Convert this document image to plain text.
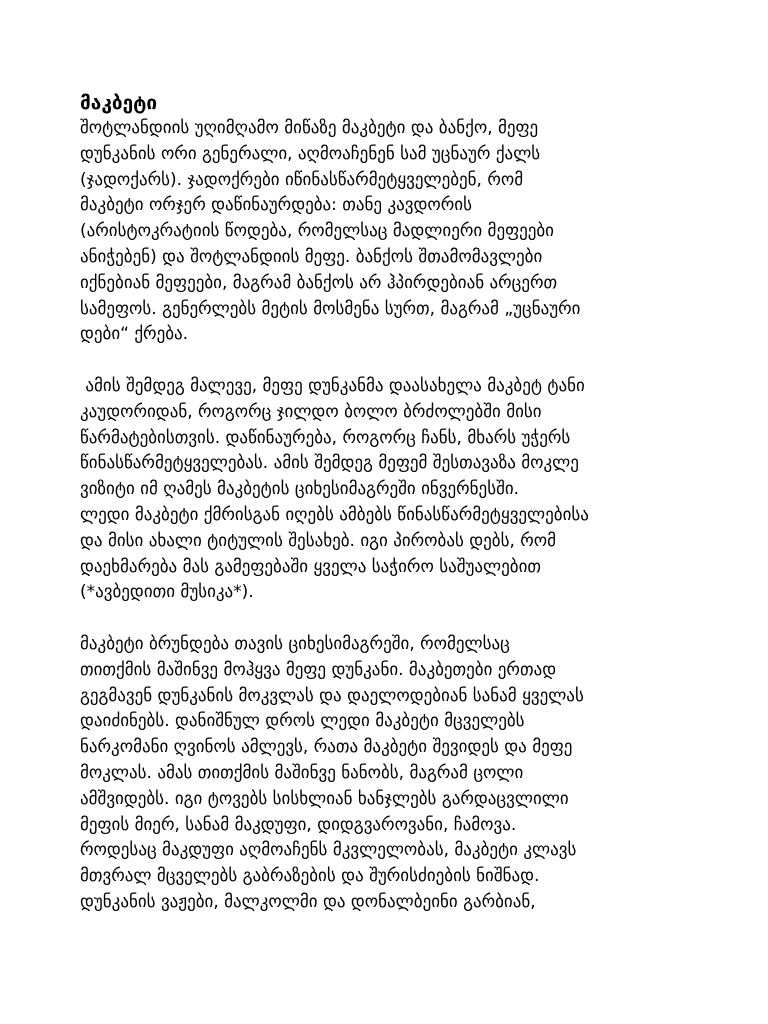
მაკბეტი
შოტლანდიის უღიმღამო მიწაზე მაკბეტი და ბანქო, მეფე
დუნკანის ორი გენერალი, აღმოაჩენენ სამ უცნაურ ქალს
(ჯადოქარს). ჯადოქრები იწინასწარმეტყველებენ, რომ
მაკბეტი ორჯერ დაწინაურდება: თანე კავდორის
(არისტოკრატიის წოდება, რომელსაც მადლიერი მეფეები
ანიჭებენ) და შოტლანდიის მეფე. ბანქოს შთამომავლები
იქნებიან მეფეები, მაგრამ ბანქოს არ ჰპირდებიან არცერთ
სამეფოს. გენერლებს მეტის მოსმენა სურთ, მაგრამ „უცნაური
დები“ ქრება.
ამის შემდეგ მალევე, მეფე დუნკანმა დაასახელა მაკბეტ ტანი
კაუდორიდან, როგორც ჯილდო ბოლო ბრძოლებში მისი
წარმატებისთვის. დაწინაურება, როგორც ჩანს, მხარს უჭერს
წინასწარმეტყველებას. ამის შემდეგ მეფემ შესთავაზა მოკლე
ვიზიტი იმ ღამეს მაკბეტის ციხესიმაგრეში ინვერნესში.
ლედი მაკბეტი ქმრისგან იღებს ამბებს წინასწარმეტყველებისა
და მისი ახალი ტიტულის შესახებ. იგი პირობას დებს, რომ
დაეხმარება მას გამეფებაში ყველა საჭირო საშუალებით
(*ავბედითი მუსიკა*).
მაკბეტი ბრუნდება თავის ციხესიმაგრეში, რომელსაც
თითქმის მაშინვე მოჰყვა მეფე დუნკანი. მაკბეთები ერთად
გეგმავენ დუნკანის მოკვლას და დაელოდებიან სანამ ყველას
დაიძინებს. დანიშნულ დროს ლედი მაკბეტი მცველებს
ნარკომანი ღვინოს ამლევს, რათა მაკბეტი შევიდეს და მეფე
მოკლას. ამას თითქმის მაშინვე ნანობს, მაგრამ ცოლი
ამშვიდებს. იგი ტოვებს სისხლიან ხანჯლებს გარდაცვლილი
მეფის მიერ, სანამ მაკდუფი, დიდგვაროვანი, ჩამოვა.
როდესაც მაკდუფი აღმოაჩენს მკვლელობას, მაკბეტი კლავს
მთვრალ მცველებს გაბრაზების და შურისძიების ნიშნად.
დუნკანის ვაჟები, მალკოლმი და დონალბეინი გარბიან,
